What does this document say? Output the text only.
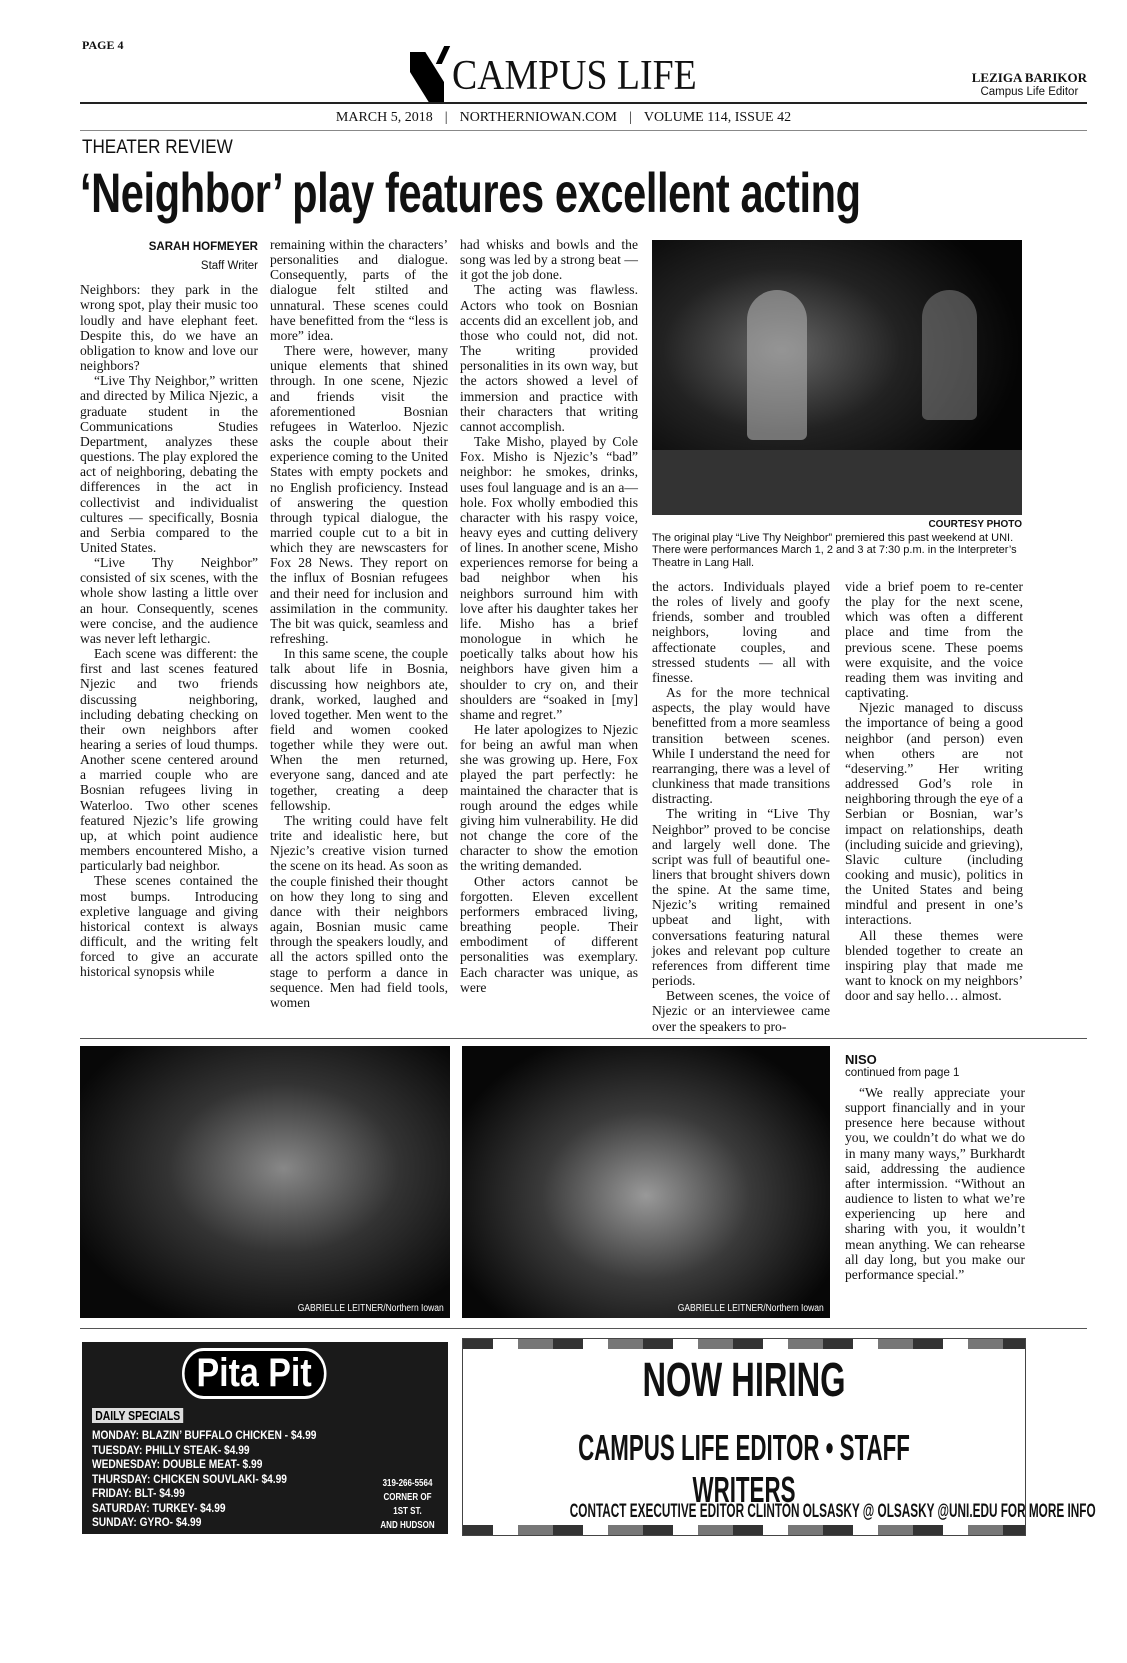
PAGE 4
CAMPUS LIFE	LEZIGA BARIKOR
Campus Life Editor
MARCH 5, 2018 | NORTHERNIOWAN.COM | VOLUME 114, ISSUE 42
THEATER REVIEW
‘Neighbor’ play features excellent acting
SARAH HOFMEYER
Staff Writer

Neighbors: they park in the wrong spot, play their music too loudly and have elephant feet. Despite this, do we have an obligation to know and love our neighbors?

“Live Thy Neighbor,” written and directed by Milica Njezic, a graduate student in the Communications Studies Department, analyzes these questions. The play explored the act of neighboring, debating the differences in the act in collectivist and individualist cultures — specifically, Bosnia and Serbia compared to the United States.

“Live Thy Neighbor” consisted of six scenes, with the whole show lasting a little over an hour. Consequently, scenes were concise, and the audience was never left lethargic.

Each scene was different: the first and last scenes featured Njezic and two friends discussing neighboring, including debating checking on their own neighbors after hearing a series of loud thumps. Another scene centered around a married couple who are Bosnian refugees living in Waterloo. Two other scenes featured Njezic’s life growing up, at which point audience members encountered Misho, a particularly bad neighbor.

These scenes contained the most bumps. Introducing expletive language and giving historical context is always difficult, and the writing felt forced to give an accurate historical synopsis while

remaining within the characters’ personalities and dialogue. Consequently, parts of the dialogue felt stilted and unnatural. These scenes could have benefitted from the “less is more” idea.

There were, however, many unique elements that shined through. In one scene, Njezic and friends visit the aforementioned Bosnian refugees in Waterloo. Njezic asks the couple about their experience coming to the United States with empty pockets and no English proficiency. Instead of answering the question through typical dialogue, the married couple cut to a bit in which they are newscasters for Fox 28 News. They report on the influx of Bosnian refugees and their need for inclusion and assimilation in the community. The bit was quick, seamless and refreshing.

In this same scene, the couple talk about life in Bosnia, discussing how neighbors ate, drank, worked, laughed and loved together. Men went to the field and women cooked together while they were out. When the men returned, everyone sang, danced and ate together, creating a deep fellowship.

The writing could have felt trite and idealistic here, but Njezic’s creative vision turned the scene on its head. As soon as the couple finished their thought on how they long to sing and dance with their neighbors again, Bosnian music came through the speakers loudly, and all the actors spilled onto the stage to perform a dance in sequence. Men had field tools, women

had whisks and bowls and the song was led by a strong beat — it got the job done.

The acting was flawless. Actors who took on Bosnian accents did an excellent job, and those who could not, did not. The writing provided personalities in its own way, but the actors showed a level of immersion and practice with their characters that writing cannot accomplish.

Take Misho, played by Cole Fox. Misho is Njezic’s “bad” neighbor: he smokes, drinks, uses foul language and is an a—hole. Fox wholly embodied this character with his raspy voice, heavy eyes and cutting delivery of lines. In another scene, Misho experiences remorse for being a bad neighbor when his neighbors surround him with love after his daughter takes her life. Misho has a brief monologue in which he poetically talks about how his neighbors have given him a shoulder to cry on, and their shoulders are “soaked in [my] shame and regret.”

He later apologizes to Njezic for being an awful man when she was growing up. Here, Fox played the part perfectly: he maintained the character that is rough around the edges while giving him vulnerability. He did not change the core of the character to show the emotion the writing demanded.

Other actors cannot be forgotten. Eleven excellent performers embraced living, breathing people. Their embodiment of different personalities was exemplary. Each character was unique, as were

COURTESY PHOTO
The original play “Live Thy Neighbor” premiered this past weekend at UNI. There were performances March 1, 2 and 3 at 7:30 p.m. in the Interpreter’s Theatre in Lang Hall.

the actors. Individuals played the roles of lively and goofy friends, somber and troubled neighbors, loving and affectionate couples, and stressed students — all with finesse.

As for the more technical aspects, the play would have benefitted from a more seamless transition between scenes. While I understand the need for rearranging, there was a level of clunkiness that made transitions distracting.

The writing in “Live Thy Neighbor” proved to be concise and largely well done. The script was full of beautiful one-liners that brought shivers down the spine. At the same time, Njezic’s writing remained upbeat and light, with conversations featuring natural jokes and relevant pop culture references from different time periods.

Between scenes, the voice of Njezic or an interviewee came over the speakers to pro-

vide a brief poem to re-center the play for the next scene, which was often a different place and time from the previous scene. These poems were exquisite, and the voice reading them was inviting and captivating.

Njezic managed to discuss the importance of being a good neighbor (and person) even when others are not “deserving.” Her writing addressed God’s role in neighboring through the eye of a Serbian or Bosnian, war’s impact on relationships, death (including suicide and grieving), Slavic culture (including cooking and music), politics in the United States and being mindful and present in one’s interactions.

All these themes were blended together to create an inspiring play that made me want to knock on my neighbors’ door and say hello… almost.

GABRIELLE LEITNER/Northern Iowan	GABRIELLE LEITNER/Northern Iowan
NISO
continued from page 1

“We really appreciate your support financially and in your presence here because without you, we couldn’t do what we do in many many ways,” Burkhardt said, addressing the audience after intermission. “Without an audience to listen to what we’re experiencing up here and sharing with you, it wouldn’t mean anything. We can rehearse all day long, but you make our performance special.”

Pita Pit
DAILY SPECIALS
MONDAY: BLAZIN’ BUFFALO CHICKEN - $4.99
TUESDAY: PHILLY STEAK- $4.99
WEDNESDAY: DOUBLE MEAT- $.99
THURSDAY: CHICKEN SOUVLAKI- $4.99
FRIDAY: BLT- $4.99
SATURDAY: TURKEY- $4.99
SUNDAY: GYRO- $4.99
319-266-5564
CORNER OF 1ST ST.
AND HUDSON ROAD
NOW HIRING
CAMPUS LIFE EDITOR • STAFF WRITERS
CONTACT EXECUTIVE EDITOR CLINTON OLSASKY @ OLSASKY @UNI.EDU FOR MORE INFO
